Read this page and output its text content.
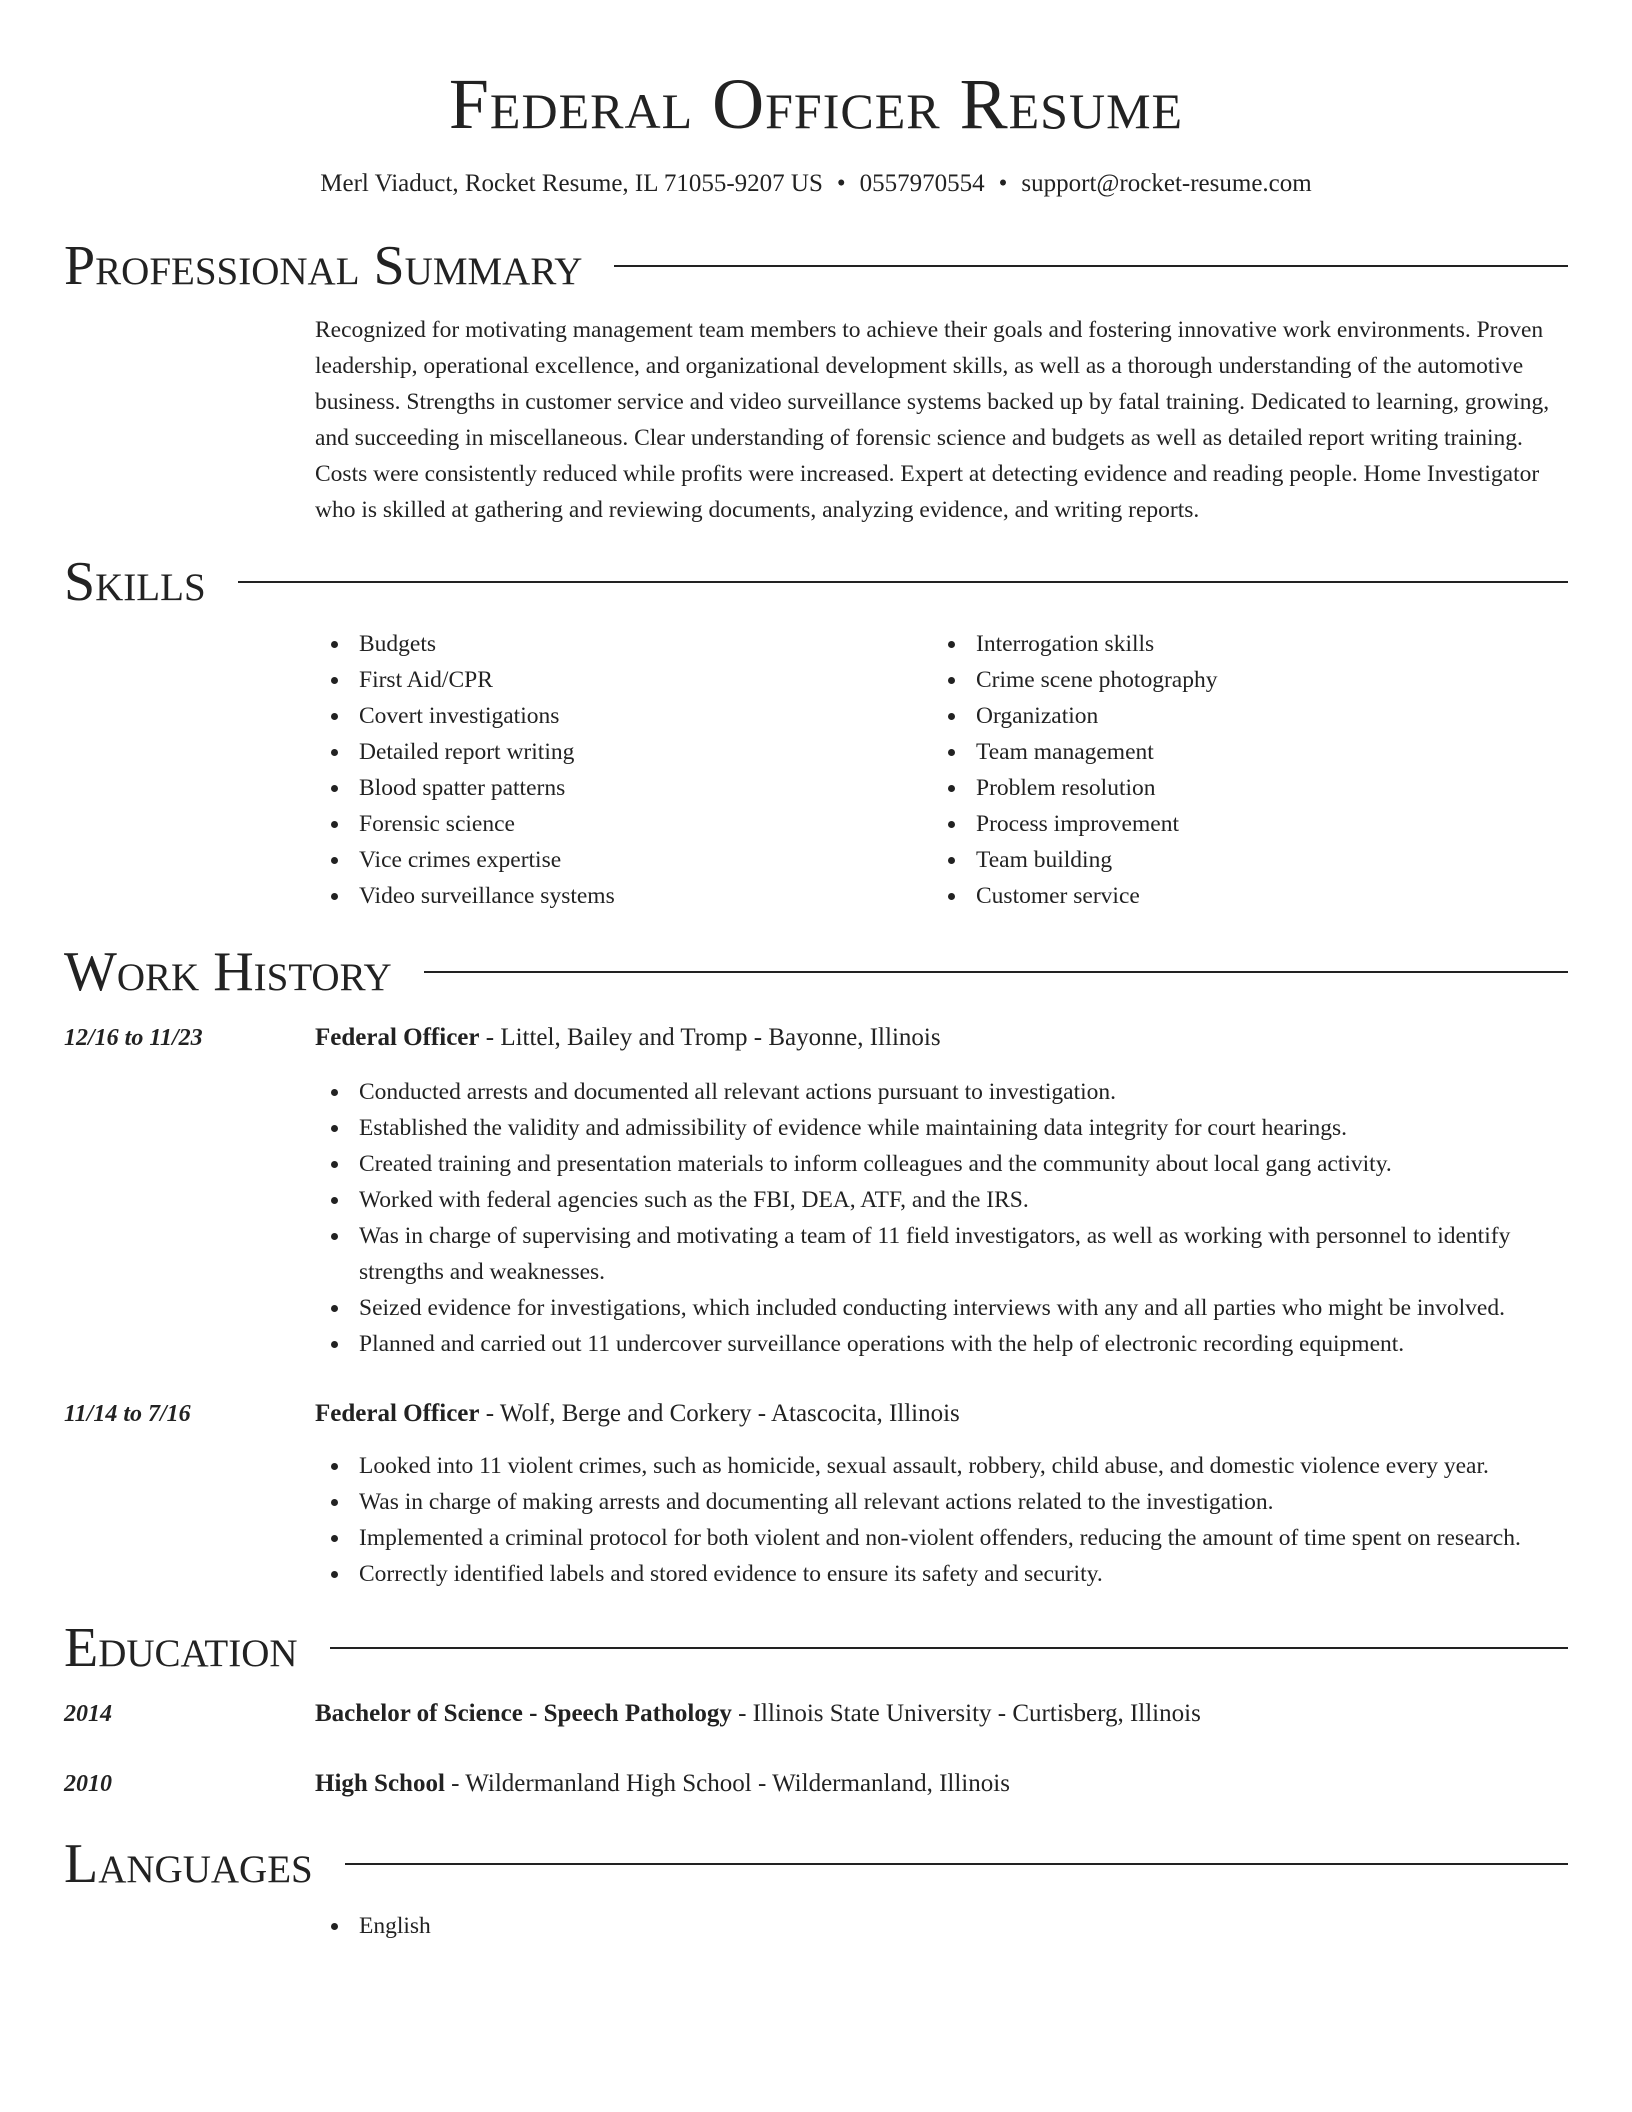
Federal Officer Resume
Merl Viaduct, Rocket Resume, IL 71055-9207 US • 0557970554 • support@rocket-resume.com
Professional Summary

Recognized for motivating management team members to achieve their goals and fostering innovative work environments. Proven leadership, operational excellence, and organizational development skills, as well as a thorough understanding of the automotive business. Strengths in customer service and video surveillance systems backed up by fatal training. Dedicated to learning, growing, and succeeding in miscellaneous. Clear understanding of forensic science and budgets as well as detailed report writing training. Costs were consistently reduced while profits were increased. Expert at detecting evidence and reading people. Home Investigator who is skilled at gathering and reviewing documents, analyzing evidence, and writing reports.

Skills
Budgets
First Aid/CPR
Covert investigations
Detailed report writing
Blood spatter patterns
Forensic science
Vice crimes expertise
Video surveillance systems
Interrogation skills
Crime scene photography
Organization
Team management
Problem resolution
Process improvement
Team building
Customer service
Work History
12/16 to 11/23	Federal Officer - Littel, Bailey and Tromp - Bayonne, Illinois
Conducted arrests and documented all relevant actions pursuant to investigation.
Established the validity and admissibility of evidence while maintaining data integrity for court hearings.
Created training and presentation materials to inform colleagues and the community about local gang activity.
Worked with federal agencies such as the FBI, DEA, ATF, and the IRS.
Was in charge of supervising and motivating a team of 11 field investigators, as well as working with personnel to identify strengths and weaknesses.
Seized evidence for investigations, which included conducting interviews with any and all parties who might be involved.
Planned and carried out 11 undercover surveillance operations with the help of electronic recording equipment.
11/14 to 7/16	Federal Officer - Wolf, Berge and Corkery - Atascocita, Illinois
Looked into 11 violent crimes, such as homicide, sexual assault, robbery, child abuse, and domestic violence every year.
Was in charge of making arrests and documenting all relevant actions related to the investigation.
Implemented a criminal protocol for both violent and non-violent offenders, reducing the amount of time spent on research.
Correctly identified labels and stored evidence to ensure its safety and security.
Education
2014	Bachelor of Science - Speech Pathology - Illinois State University - Curtisberg, Illinois
2010	High School - Wildermanland High School - Wildermanland, Illinois
Languages
English
